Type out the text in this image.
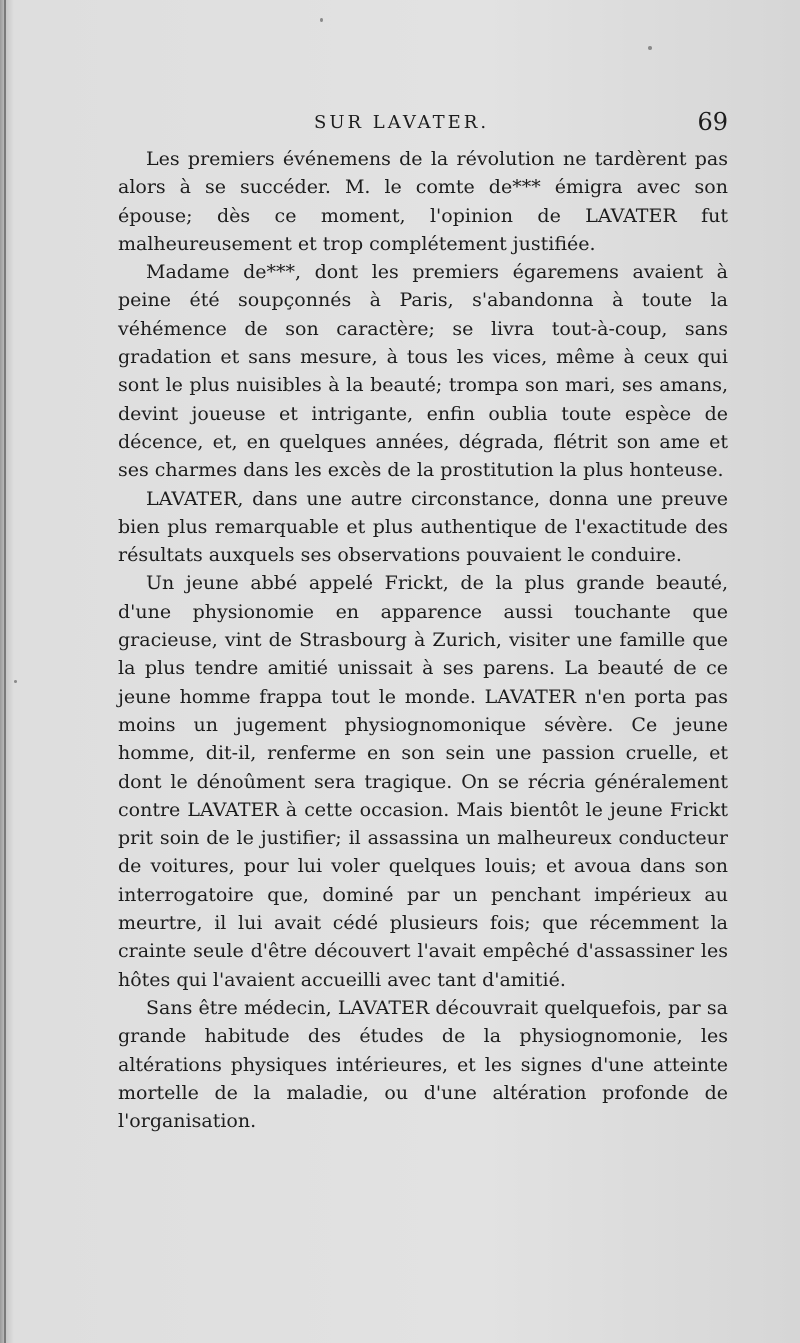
SUR LAVATER.	69

Les premiers événemens de la révolution ne tardèrent pas alors à se succéder. M. le comte de*** émigra avec son épouse; dès ce moment, l'opinion de LAVATER fut malheureusement et trop complétement justifiée.

Madame de***, dont les premiers égaremens avaient à peine été soupçonnés à Paris, s'abandonna à toute la véhémence de son caractère; se livra tout-à-coup, sans gradation et sans mesure, à tous les vices, même à ceux qui sont le plus nuisibles à la beauté; trompa son mari, ses amans, devint joueuse et intrigante, enfin oublia toute espèce de décence, et, en quelques années, dégrada, flétrit son ame et ses charmes dans les excès de la prostitution la plus honteuse.

LAVATER, dans une autre circonstance, donna une preuve bien plus remarquable et plus authentique de l'exactitude des résultats auxquels ses observations pouvaient le conduire.

Un jeune abbé appelé Frickt, de la plus grande beauté, d'une physionomie en apparence aussi touchante que gracieuse, vint de Strasbourg à Zurich, visiter une famille que la plus tendre amitié unissait à ses parens. La beauté de ce jeune homme frappa tout le monde. LAVATER n'en porta pas moins un jugement physiognomonique sévère. Ce jeune homme, dit-il, renferme en son sein une passion cruelle, et dont le dénoûment sera tragique. On se récria généralement contre LAVATER à cette occasion. Mais bientôt le jeune Frickt prit soin de le justifier; il assassina un malheureux conducteur de voitures, pour lui voler quelques louis; et avoua dans son interrogatoire que, dominé par un penchant impérieux au meurtre, il lui avait cédé plusieurs fois; que récemment la crainte seule d'être découvert l'avait empêché d'assassiner les hôtes qui l'avaient accueilli avec tant d'amitié.

Sans être médecin, LAVATER découvrait quelquefois, par sa grande habitude des études de la physiognomonie, les altérations physiques intérieures, et les signes d'une atteinte mortelle de la maladie, ou d'une altération profonde de l'organisation.
